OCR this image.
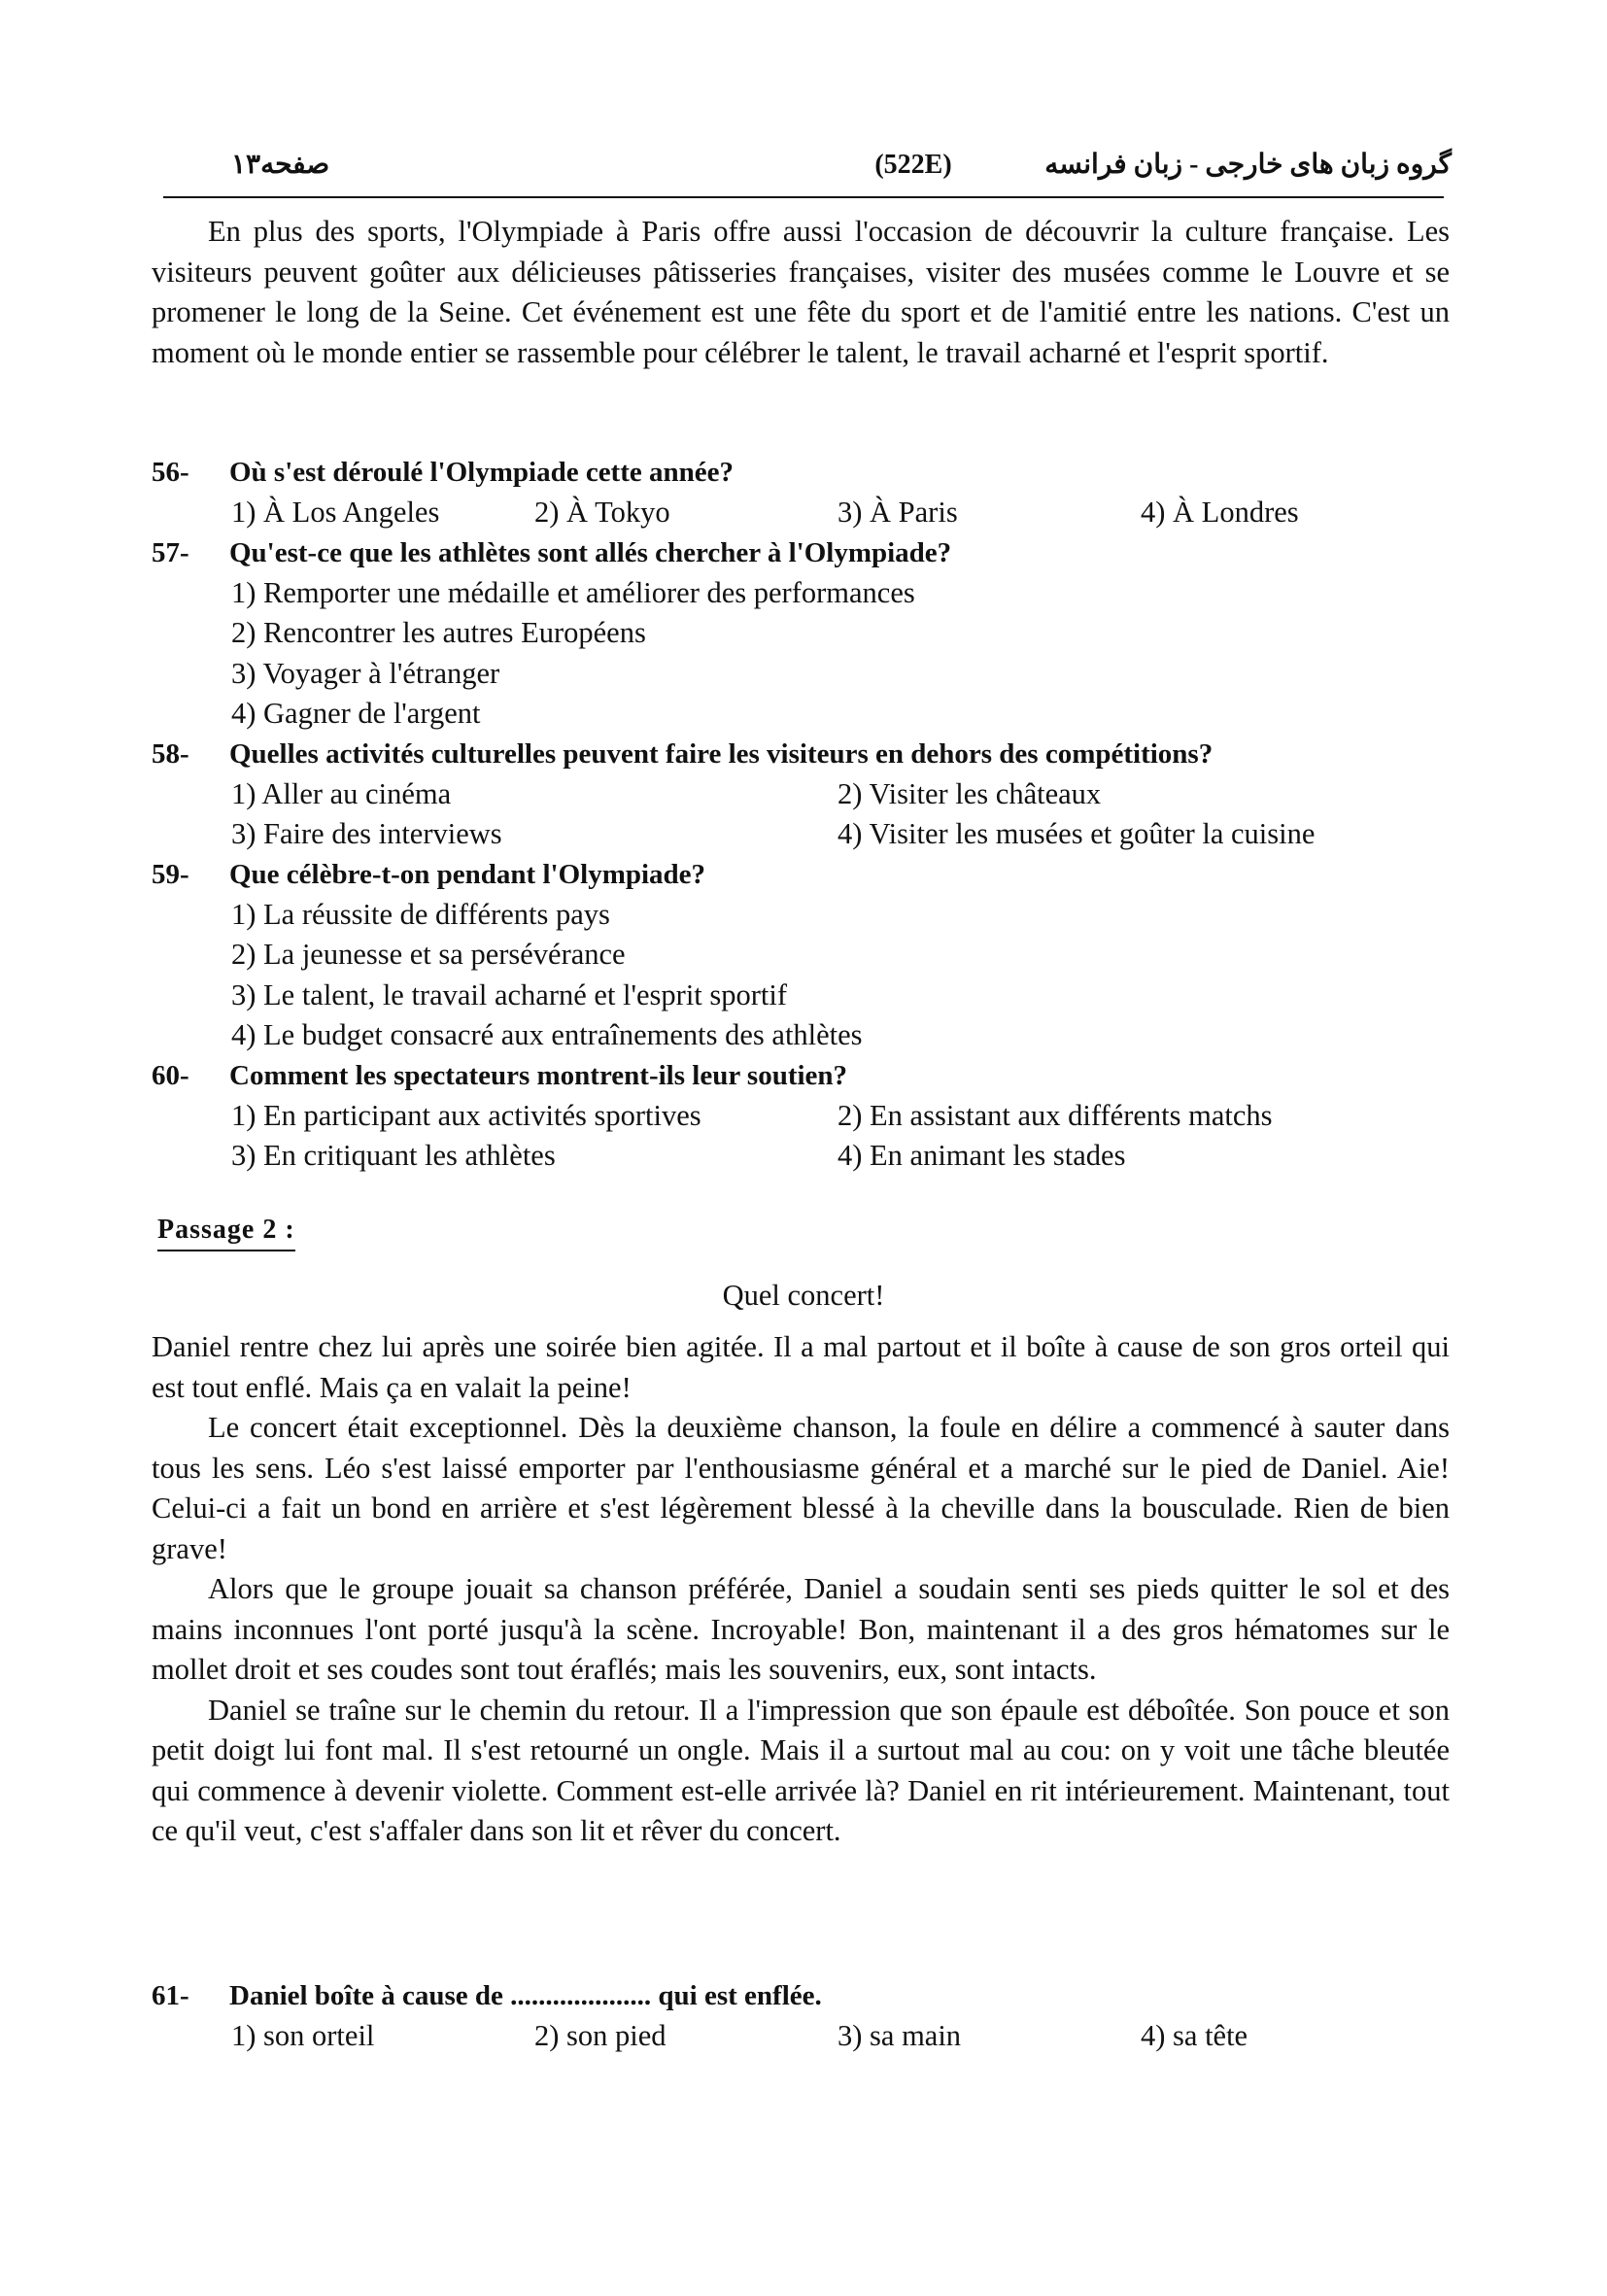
گروه زبان های خارجی - زبان فرانسه
(522E)
صفحه۱۳

En plus des sports, l'Olympiade à Paris offre aussi l'occasion de découvrir la culture française. Les visiteurs peuvent goûter aux délicieuses pâtisseries françaises, visiter des musées comme le Louvre et se promener le long de la Seine. Cet événement est une fête du sport et de l'amitié entre les nations. C'est un moment où le monde entier se rassemble pour célébrer le talent, le travail acharné et l'esprit sportif.

56- Où s'est déroulé l'Olympiade cette année?
1) À Los Angeles	2) À Tokyo	3) À Paris	4) À Londres
57- Qu'est-ce que les athlètes sont allés chercher à l'Olympiade?
1) Remporter une médaille et améliorer des performances
2) Rencontrer les autres Européens
3) Voyager à l'étranger
4) Gagner de l'argent
58- Quelles activités culturelles peuvent faire les visiteurs en dehors des compétitions?
1) Aller au cinéma	2) Visiter les châteaux
3) Faire des interviews	4) Visiter les musées et goûter la cuisine
59- Que célèbre-t-on pendant l'Olympiade?
1) La réussite de différents pays
2) La jeunesse et sa persévérance
3) Le talent, le travail acharné et l'esprit sportif
4) Le budget consacré aux entraînements des athlètes
60- Comment les spectateurs montrent-ils leur soutien?
1) En participant aux activités sportives	2) En assistant aux différents matchs
3) En critiquant les athlètes	4) En animant les stades
Passage 2 :
Quel concert!

Daniel rentre chez lui après une soirée bien agitée. Il a mal partout et il boîte à cause de son gros orteil qui est tout enflé. Mais ça en valait la peine!

Le concert était exceptionnel. Dès la deuxième chanson, la foule en délire a commencé à sauter dans tous les sens. Léo s'est laissé emporter par l'enthousiasme général et a marché sur le pied de Daniel. Aie! Celui-ci a fait un bond en arrière et s'est légèrement blessé à la cheville dans la bousculade. Rien de bien grave!

Alors que le groupe jouait sa chanson préférée, Daniel a soudain senti ses pieds quitter le sol et des mains inconnues l'ont porté jusqu'à la scène. Incroyable! Bon, maintenant il a des gros hématomes sur le mollet droit et ses coudes sont tout éraflés; mais les souvenirs, eux, sont intacts.

Daniel se traîne sur le chemin du retour. Il a l'impression que son épaule est déboîtée. Son pouce et son petit doigt lui font mal. Il s'est retourné un ongle. Mais il a surtout mal au cou: on y voit une tâche bleutée qui commence à devenir violette. Comment est-elle arrivée là? Daniel en rit intérieurement. Maintenant, tout ce qu'il veut, c'est s'affaler dans son lit et rêver du concert.

61- Daniel boîte à cause de .................... qui est enflée.
1) son orteil	2) son pied	3) sa main	4) sa tête
